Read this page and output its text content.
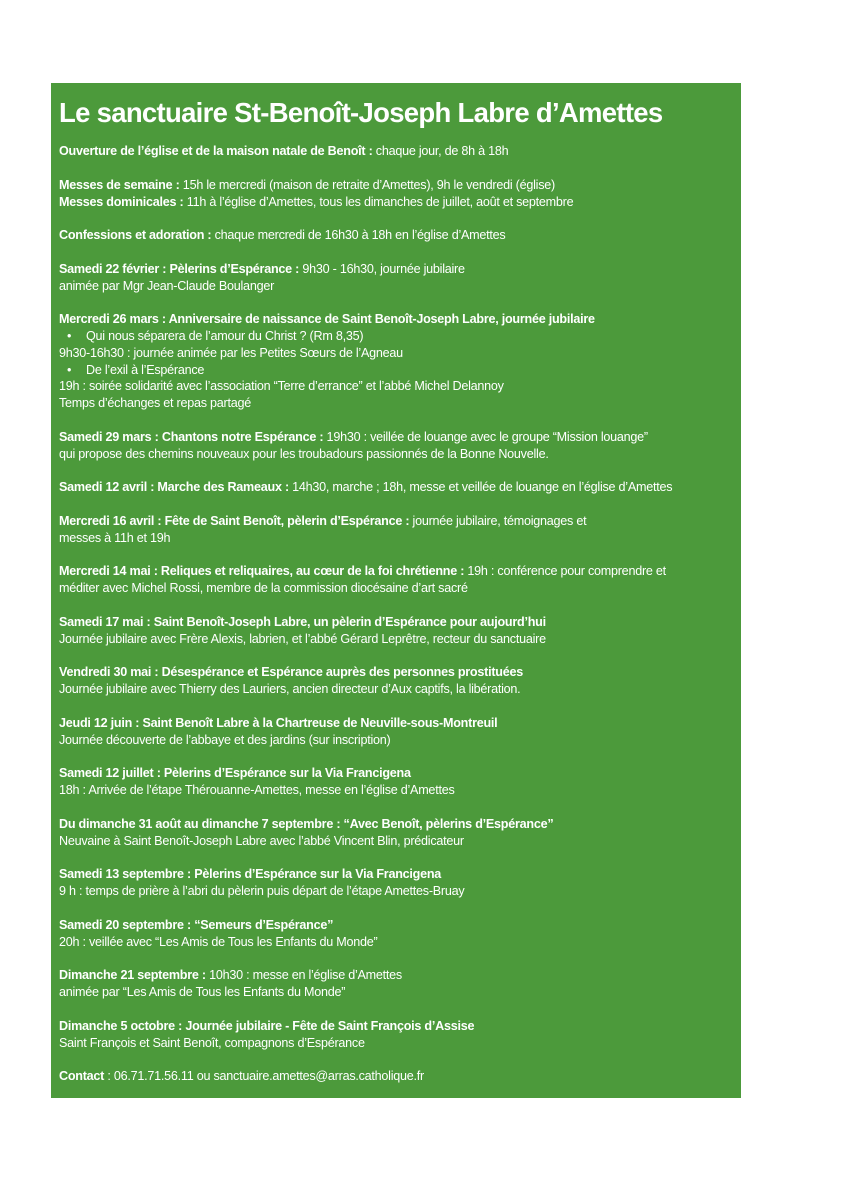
Le sanctuaire St-Benoît-Joseph Labre d’Amettes
Ouverture de l’église et de la maison natale de Benoît : chaque jour, de 8h à 18h
Messes de semaine : 15h le mercredi (maison de retraite d’Amettes), 9h le vendredi (église)
Messes dominicales : 11h à l’église d’Amettes, tous les dimanches de juillet, août et septembre
Confessions et adoration : chaque mercredi de 16h30 à 18h en l’église d’Amettes
Samedi 22 février : Pèlerins d’Espérance : 9h30 - 16h30, journée jubilaire
animée par Mgr Jean-Claude Boulanger
Mercredi 26 mars : Anniversaire de naissance de Saint Benoît-Joseph Labre, journée jubilaire
• Qui nous séparera de l’amour du Christ ? (Rm 8,35)
9h30-16h30 : journée animée par les Petites Sœurs de l’Agneau
• De l’exil à l’Espérance
19h : soirée solidarité avec l’association “Terre d’errance” et l’abbé Michel Delannoy
Temps d’échanges et repas partagé
Samedi 29 mars : Chantons notre Espérance : 19h30 : veillée de louange avec le groupe “Mission louange”
qui propose des chemins nouveaux pour les troubadours passionnés de la Bonne Nouvelle.
Samedi 12 avril : Marche des Rameaux : 14h30, marche ; 18h, messe et veillée de louange en l’église d’Amettes
Mercredi 16 avril : Fête de Saint Benoît, pèlerin d’Espérance : journée jubilaire, témoignages et
messes à 11h et 19h
Mercredi 14 mai : Reliques et reliquaires, au cœur de la foi chrétienne : 19h : conférence pour comprendre et
méditer avec Michel Rossi, membre de la commission diocésaine d’art sacré
Samedi 17 mai : Saint Benoît-Joseph Labre, un pèlerin d’Espérance pour aujourd’hui
Journée jubilaire avec Frère Alexis, labrien, et l’abbé Gérard Leprêtre, recteur du sanctuaire
Vendredi 30 mai : Désespérance et Espérance auprès des personnes prostituées
Journée jubilaire avec Thierry des Lauriers, ancien directeur d’Aux captifs, la libération.
Jeudi 12 juin : Saint Benoît Labre à la Chartreuse de Neuville-sous-Montreuil
Journée découverte de l’abbaye et des jardins (sur inscription)
Samedi 12 juillet : Pèlerins d’Espérance sur la Via Francigena
18h : Arrivée de l’étape Thérouanne-Amettes, messe en l’église d’Amettes
Du dimanche 31 août au dimanche 7 septembre : “Avec Benoît, pèlerins d’Espérance”
Neuvaine à Saint Benoît-Joseph Labre avec l’abbé Vincent Blin, prédicateur
Samedi 13 septembre : Pèlerins d’Espérance sur la Via Francigena
9 h : temps de prière à l’abri du pèlerin puis départ de l’étape Amettes-Bruay
Samedi 20 septembre : “Semeurs d’Espérance”
20h : veillée avec “Les Amis de Tous les Enfants du Monde”
Dimanche 21 septembre : 10h30 : messe en l’église d’Amettes
animée par “Les Amis de Tous les Enfants du Monde”
Dimanche 5 octobre : Journée jubilaire - Fête de Saint François d’Assise
Saint François et Saint Benoît, compagnons d’Espérance
Contact : 06.71.71.56.11 ou sanctuaire.amettes@arras.catholique.fr
